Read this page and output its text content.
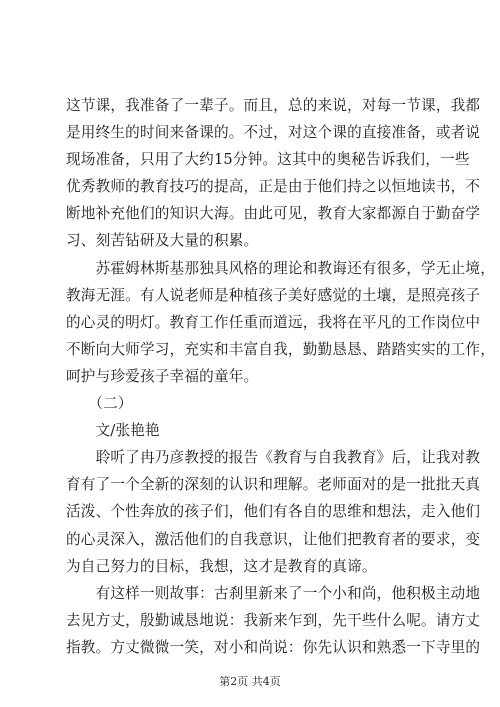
这节课，我准备了一辈子。而且，总的来说，对每一节课，我都
是用终生的时间来备课的。不过，对这个课的直接准备，或者说
现场准备，只用了大约15分钟。这其中的奥秘告诉我们，一些
优秀教师的教育技巧的提高，正是由于他们持之以恒地读书，不
断地补充他们的知识大海。由此可见，教育大家都源自于勤奋学
习、刻苦钻研及大量的积累。
　　苏霍姆林斯基那独具风格的理论和教诲还有很多，学无止境，
教海无涯。有人说老师是种植孩子美好感觉的土壤，是照亮孩子
的心灵的明灯。教育工作任重而道远，我将在平凡的工作岗位中
不断向大师学习，充实和丰富自我，勤勤恳恳、踏踏实实的工作，
呵护与珍爱孩子幸福的童年。
　　（二）
　　文/张艳艳
　　聆听了冉乃彦教授的报告《教育与自我教育》后，让我对教
育有了一个全新的深刻的认识和理解。老师面对的是一批批天真
活泼、个性奔放的孩子们，他们有各自的思维和想法，走入他们
的心灵深入，激活他们的自我意识，让他们把教育者的要求，变
为自己努力的目标，我想，这才是教育的真谛。
　　有这样一则故事：古刹里新来了一个小和尚，他积极主动地
去见方丈，殷勤诚恳地说：我新来乍到，先干些什么呢。请方丈
指教。方丈微微一笑，对小和尚说：你先认识和熟悉一下寺里的
第2页 共4页
